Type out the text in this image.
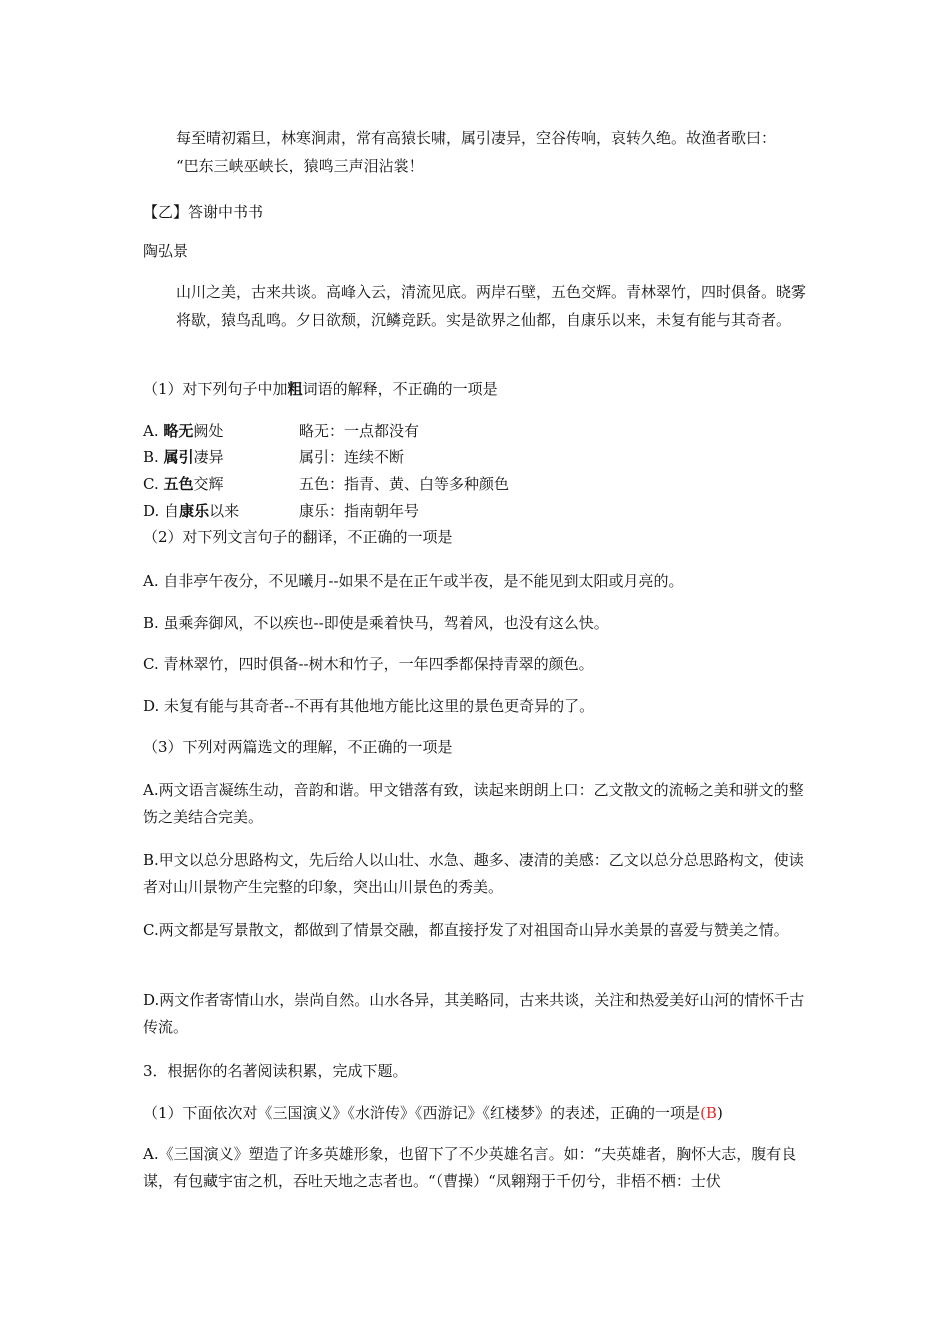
每至晴初霜旦，林寒涧肃，常有高猿长啸，属引凄异，空谷传响，哀转久绝。故渔者歌曰：
“巴东三峡巫峡长，猿鸣三声泪沾裳！

【乙】答谢中书书

陶弘景

山川之美，古来共谈。高峰入云，清流见底。两岸石壁，五色交辉。青林翠竹，四时俱备。晓雾将歇，猿鸟乱鸣。夕日欲颓，沉鳞竞跃。实是欲界之仙都，自康乐以来，未复有能与其奇者。

（1）对下列句子中加粗词语的解释，不正确的一项是

A. 略无阙处	略无：一点都没有
B. 属引凄异	属引：连续不断
C. 五色交辉	五色：指青、黄、白等多种颜色
D. 自康乐以来	康乐：指南朝年号

（2）对下列文言句子的翻译，不正确的一项是

A. 自非亭午夜分，不见曦月--如果不是在正午或半夜，是不能见到太阳或月亮的。

B. 虽乘奔御风，不以疾也--即使是乘着快马，驾着风，也没有这么快。

C. 青林翠竹，四时俱备--树木和竹子，一年四季都保持青翠的颜色。

D. 未复有能与其奇者--不再有其他地方能比这里的景色更奇异的了。

（3）下列对两篇选文的理解，不正确的一项是

A.两文语言凝练生动，音韵和谐。甲文错落有致，读起来朗朗上口：乙文散文的流畅之美和骈文的整饬之美结合完美。

B.甲文以总分思路构文，先后给人以山壮、水急、趣多、凄清的美感：乙文以总分总思路构文，使读者对山川景物产生完整的印象，突出山川景色的秀美。

C.两文都是写景散文，都做到了情景交融，都直接抒发了对祖国奇山异水美景的喜爱与赞美之情。

D.两文作者寄情山水，崇尚自然。山水各异，其美略同，古来共谈，关注和热爱美好山河的情怀千古传流。

3．根据你的名著阅读积累，完成下题。

（1）下面依次对《三国演义》《水浒传》《西游记》《红楼梦》的表述，正确的一项是(B)

A.《三国演义》塑造了许多英雄形象，也留下了不少英雄名言。如：“夫英雄者，胸怀大志，腹有良谋，有包藏宇宙之机，吞吐天地之志者也。“（曹操）“凤翱翔于千仞兮，非梧不栖：士伏
